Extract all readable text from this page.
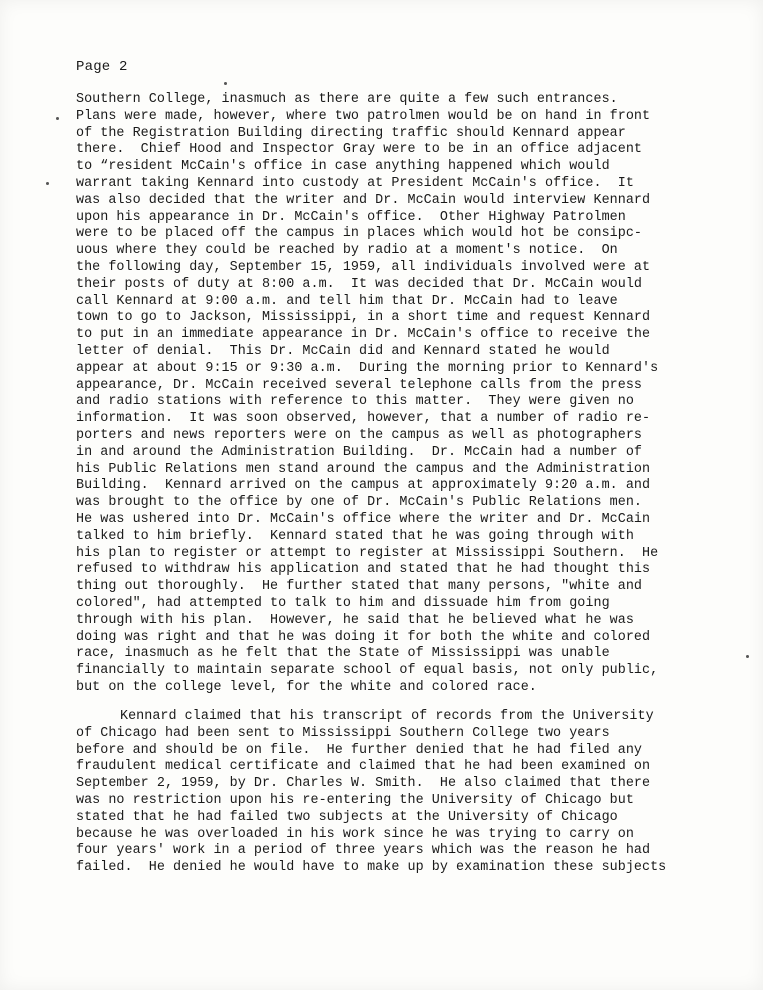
Page 2
Southern College, inasmuch as there are quite a few such entrances.
Plans were made, however, where two patrolmen would be on hand in front
of the Registration Building directing traffic should Kennard appear
there.  Chief Hood and Inspector Gray were to be in an office adjacent
to “resident McCain's office in case anything happened which would
warrant taking Kennard into custody at President McCain's office.  It
was also decided that the writer and Dr. McCain would interview Kennard
upon his appearance in Dr. McCain's office.  Other Highway Patrolmen
were to be placed off the campus in places which would hot be consipc-
uous where they could be reached by radio at a moment's notice.  On
the following day, September 15, 1959, all individuals involved were at
their posts of duty at 8:00 a.m.  It was decided that Dr. McCain would
call Kennard at 9:00 a.m. and tell him that Dr. McCain had to leave
town to go to Jackson, Mississippi, in a short time and request Kennard
to put in an immediate appearance in Dr. McCain's office to receive the
letter of denial.  This Dr. McCain did and Kennard stated he would
appear at about 9:15 or 9:30 a.m.  During the morning prior to Kennard's
appearance, Dr. McCain received several telephone calls from the press
and radio stations with reference to this matter.  They were given no
information.  It was soon observed, however, that a number of radio re-
porters and news reporters were on the campus as well as photographers
in and around the Administration Building.  Dr. McCain had a number of
his Public Relations men stand around the campus and the Administration
Building.  Kennard arrived on the campus at approximately 9:20 a.m. and
was brought to the office by one of Dr. McCain's Public Relations men.
He was ushered into Dr. McCain's office where the writer and Dr. McCain
talked to him briefly.  Kennard stated that he was going through with
his plan to register or attempt to register at Mississippi Southern.  He
refused to withdraw his application and stated that he had thought this
thing out thoroughly.  He further stated that many persons, "white and
colored", had attempted to talk to him and dissuade him from going
through with his plan.  However, he said that he believed what he was
doing was right and that he was doing it for both the white and colored
race, inasmuch as he felt that the State of Mississippi was unable
financially to maintain separate school of equal basis, not only public,
but on the college level, for the white and colored race.
Kennard claimed that his transcript of records from the University
of Chicago had been sent to Mississippi Southern College two years
before and should be on file.  He further denied that he had filed any
fraudulent medical certificate and claimed that he had been examined on
September 2, 1959, by Dr. Charles W. Smith.  He also claimed that there
was no restriction upon his re-entering the University of Chicago but
stated that he had failed two subjects at the University of Chicago
because he was overloaded in his work since he was trying to carry on
four years' work in a period of three years which was the reason he had
failed.  He denied he would have to make up by examination these subjects
